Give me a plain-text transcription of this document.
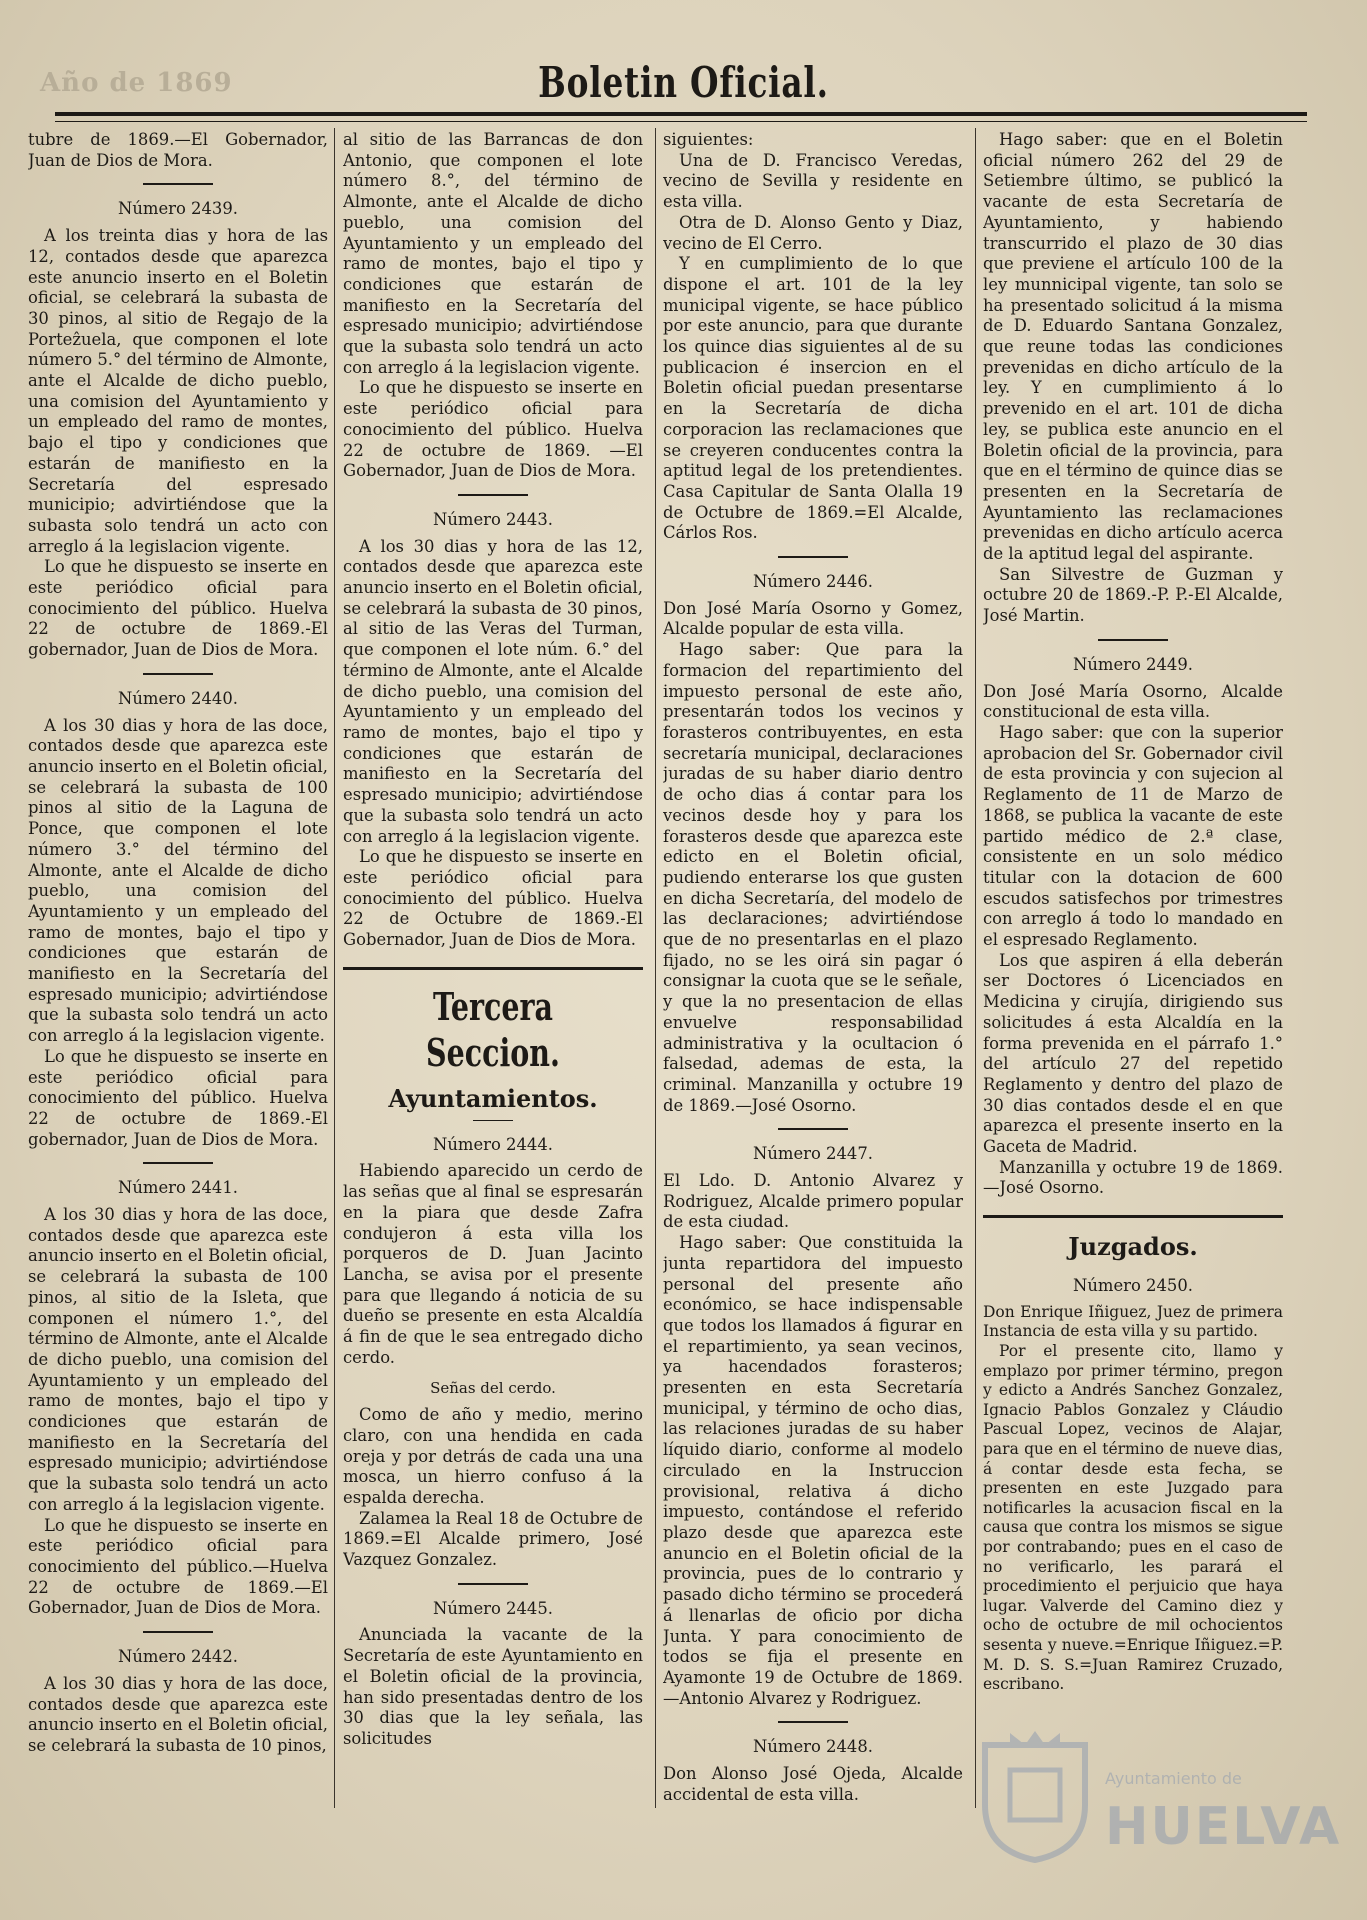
Año de 1869	Boletin Oficial.

tubre de 1869.—El Gobernador, Juan de Dios de Mora.

Número 2439.

A los treinta dias y hora de las 12, contados desde que aparezca este anuncio inserto en el Boletin oficial, se celebrará la subasta de 30 pinos, al sitio de Regajo de la Porteẑuela, que componen el lote número 5.° del término de Almonte, ante el Alcalde de dicho pueblo, una comision del Ayuntamiento y un empleado del ramo de montes, bajo el tipo y condiciones que estarán de manifiesto en la Secretaría del espresado municipio; advirtiéndose que la subasta solo tendrá un acto con arreglo á la legislacion vigente.

Lo que he dispuesto se inserte en este periódico oficial para conocimiento del público. Huelva 22 de octubre de 1869.-El gobernador, Juan de Dios de Mora.

Número 2440.

A los 30 dias y hora de las doce, contados desde que aparezca este anuncio inserto en el Boletin oficial, se celebrará la subasta de 100 pinos al sitio de la Laguna de Ponce, que componen el lote número 3.° del término del Almonte, ante el Alcalde de dicho pueblo, una comision del Ayuntamiento y un empleado del ramo de montes, bajo el tipo y condiciones que estarán de manifiesto en la Secretaría del espresado municipio; advirtiéndose que la subasta solo tendrá un acto con arreglo á la legislacion vigente.

Lo que he dispuesto se inserte en este periódico oficial para conocimiento del público. Huelva 22 de octubre de 1869.-El gobernador, Juan de Dios de Mora.

Número 2441.

A los 30 dias y hora de las doce, contados desde que aparezca este anuncio inserto en el Boletin oficial, se celebrará la subasta de 100 pinos, al sitio de la Isleta, que componen el número 1.°, del término de Almonte, ante el Alcalde de dicho pueblo, una comision del Ayuntamiento y un empleado del ramo de montes, bajo el tipo y condiciones que estarán de manifiesto en la Secretaría del espresado municipio; advirtiéndose que la subasta solo tendrá un acto con arreglo á la legislacion vigente.

Lo que he dispuesto se inserte en este periódico oficial para conocimiento del público.—Huelva 22 de octubre de 1869.—El Gobernador, Juan de Dios de Mora.

Número 2442.

A los 30 dias y hora de las doce, contados desde que aparezca este anuncio inserto en el Boletin oficial, se celebrará la subasta de 10 pinos,

al sitio de las Barrancas de don Antonio, que componen el lote número 8.°, del término de Almonte, ante el Alcalde de dicho pueblo, una comision del Ayuntamiento y un empleado del ramo de montes, bajo el tipo y condiciones que estarán de manifiesto en la Secretaría del espresado municipio; advirtiéndose que la subasta solo tendrá un acto con arreglo á la legislacion vigente.

Lo que he dispuesto se inserte en este periódico oficial para conocimiento del público. Huelva 22 de octubre de 1869. —El Gobernador, Juan de Dios de Mora.

Número 2443.

A los 30 dias y hora de las 12, contados desde que aparezca este anuncio inserto en el Boletin oficial, se celebrará la subasta de 30 pinos, al sitio de las Veras del Turman, que componen el lote núm. 6.° del término de Almonte, ante el Alcalde de dicho pueblo, una comision del Ayuntamiento y un empleado del ramo de montes, bajo el tipo y condiciones que estarán de manifiesto en la Secretaría del espresado municipio; advirtiéndose que la subasta solo tendrá un acto con arreglo á la legislacion vigente.

Lo que he dispuesto se inserte en este periódico oficial para conocimiento del público. Huelva 22 de Octubre de 1869.-El Gobernador, Juan de Dios de Mora.

Tercera Seccion.

Ayuntamientos.

Número 2444.

Habiendo aparecido un cerdo de las señas que al final se espresarán en la piara que desde Zafra condujeron á esta villa los porqueros de D. Juan Jacinto Lancha, se avisa por el presente para que llegando á noticia de su dueño se presente en esta Alcaldía á fin de que le sea entregado dicho cerdo.

Señas del cerdo.

Como de año y medio, merino claro, con una hendida en cada oreja y por detrás de cada una una mosca, un hierro confuso á la espalda derecha.

Zalamea la Real 18 de Octubre de 1869.=El Alcalde primero, José Vazquez Gonzalez.

Número 2445.

Anunciada la vacante de la Secretaría de este Ayuntamiento en el Boletin oficial de la provincia, han sido presentadas dentro de los 30 dias que la ley señala, las solicitudes

siguientes:

Una de D. Francisco Veredas, vecino de Sevilla y residente en esta villa.

Otra de D. Alonso Gento y Diaz, vecino de El Cerro.

Y en cumplimiento de lo que dispone el art. 101 de la ley municipal vigente, se hace público por este anuncio, para que durante los quince dias siguientes al de su publicacion é insercion en el Boletin oficial puedan presentarse en la Secretaría de dicha corporacion las reclamaciones que se creyeren conducentes contra la aptitud legal de los pretendientes. Casa Capitular de Santa Olalla 19 de Octubre de 1869.=El Alcalde, Cárlos Ros.

Número 2446.

Don José María Osorno y Gomez, Alcalde popular de esta villa.

Hago saber: Que para la formacion del repartimiento del impuesto personal de este año, presentarán todos los vecinos y forasteros contribuyentes, en esta secretaría municipal, declaraciones juradas de su haber diario dentro de ocho dias á contar para los vecinos desde hoy y para los forasteros desde que aparezca este edicto en el Boletin oficial, pudiendo enterarse los que gusten en dicha Secretaría, del modelo de las declaraciones; advirtiéndose que de no presentarlas en el plazo fijado, no se les oirá sin pagar ó consignar la cuota que se le señale, y que la no presentacion de ellas envuelve responsabilidad administrativa y la ocultacion ó falsedad, ademas de esta, la criminal. Manzanilla y octubre 19 de 1869.—José Osorno.

Número 2447.

El Ldo. D. Antonio Alvarez y Rodriguez, Alcalde primero popular de esta ciudad.

Hago saber: Que constituida la junta repartidora del impuesto personal del presente año económico, se hace indispensable que todos los llamados á figurar en el repartimiento, ya sean vecinos, ya hacendados forasteros; presenten en esta Secretaría municipal, y término de ocho dias, las relaciones juradas de su haber líquido diario, conforme al modelo circulado en la Instruccion provisional, relativa á dicho impuesto, contándose el referido plazo desde que aparezca este anuncio en el Boletin oficial de la provincia, pues de lo contrario y pasado dicho término se procederá á llenarlas de oficio por dicha Junta. Y para conocimiento de todos se fija el presente en Ayamonte 19 de Octubre de 1869.—Antonio Alvarez y Rodriguez.

Número 2448.

Don Alonso José Ojeda, Alcalde accidental de esta villa.

Hago saber: que en el Boletin oficial número 262 del 29 de Setiembre último, se publicó la vacante de esta Secretaría de Ayuntamiento, y habiendo transcurrido el plazo de 30 dias que previene el artículo 100 de la ley munnicipal vigente, tan solo se ha presentado solicitud á la misma de D. Eduardo Santana Gonzalez, que reune todas las condiciones prevenidas en dicho artículo de la ley. Y en cumplimiento á lo prevenido en el art. 101 de dicha ley, se publica este anuncio en el Boletin oficial de la provincia, para que en el término de quince dias se presenten en la Secretaría de Ayuntamiento las reclamaciones prevenidas en dicho artículo acerca de la aptitud legal del aspirante.

San Silvestre de Guzman y octubre 20 de 1869.-P. P.-El Alcalde, José Martin.

Número 2449.

Don José María Osorno, Alcalde constitucional de esta villa.

Hago saber: que con la superior aprobacion del Sr. Gobernador civil de esta provincia y con sujecion al Reglamento de 11 de Marzo de 1868, se publica la vacante de este partido médico de 2.ª clase, consistente en un solo médico titular con la dotacion de 600 escudos satisfechos por trimestres con arreglo á todo lo mandado en el espresado Reglamento.

Los que aspiren á ella deberán ser Doctores ó Licenciados en Medicina y cirujía, dirigiendo sus solicitudes á esta Alcaldía en la forma prevenida en el párrafo 1.° del artículo 27 del repetido Reglamento y dentro del plazo de 30 dias contados desde el en que aparezca el presente inserto en la Gaceta de Madrid.

Manzanilla y octubre 19 de 1869. —José Osorno.

Juzgados.

Número 2450.

Don Enrique Iñiguez, Juez de primera Instancia de esta villa y su partido.

Por el presente cito, llamo y emplazo por primer término, pregon y edicto a Andrés Sanchez Gonzalez, Ignacio Pablos Gonzalez y Cláudio Pascual Lopez, vecinos de Alajar, para que en el término de nueve dias, á contar desde esta fecha, se presenten en este Juzgado para notificarles la acusacion fiscal en la causa que contra los mismos se sigue por contrabando; pues en el caso de no verificarlo, les parará el procedimiento el perjuicio que haya lugar. Valverde del Camino diez y ocho de octubre de mil ochocientos sesenta y nueve.=Enrique Iñiguez.=P. M. D. S. S.=Juan Ramirez Cruzado, escribano.

Ayuntamiento de
HUELVA
